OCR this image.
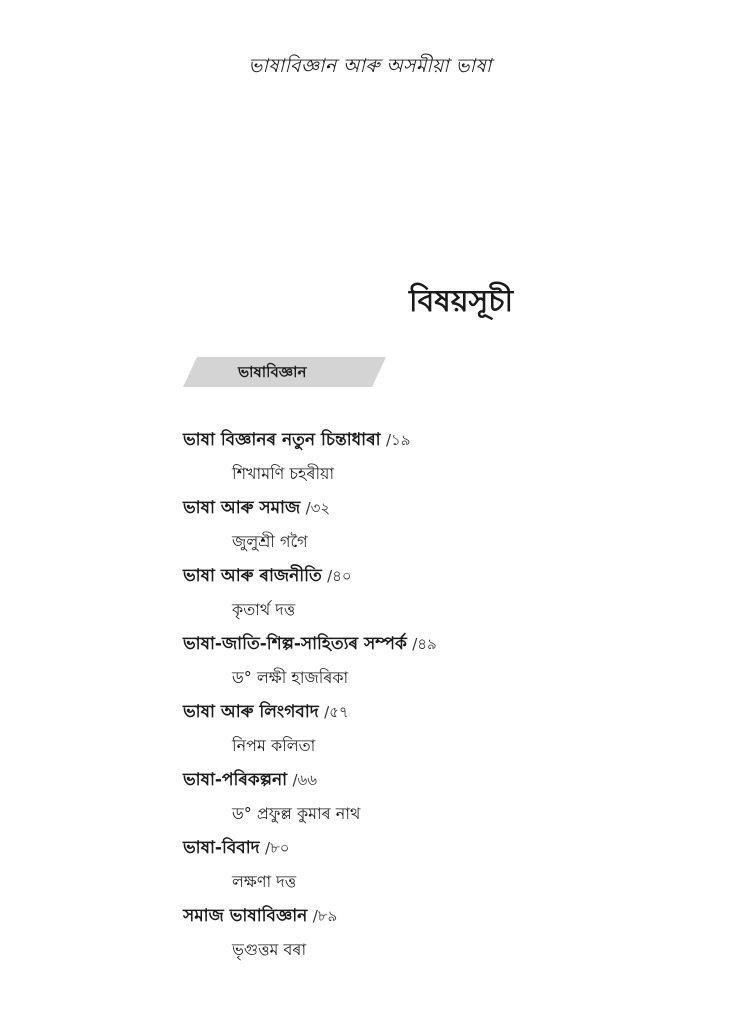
ভাষাবিজ্ঞান আৰু অসমীয়া ভাষা
বিষয়সূচী
ভাষাবিজ্ঞান
ভাষা বিজ্ঞানৰ নতুন চিন্তাধাৰা /১৯
শিখামণি চহৰীয়া
ভাষা আৰু সমাজ /৩২
জুলুশ্ৰী গগৈ
ভাষা আৰু ৰাজনীতি /৪০
কৃতাৰ্থ দত্ত
ভাষা-জাতি-শিল্প-সাহিত্যৰ সম্পৰ্ক /৪৯
ড° লক্ষী হাজৰিকা
ভাষা আৰু লিংগবাদ /৫৭
নিপম কলিতা
ভাষা-পৰিকল্পনা /৬৬
ড° প্ৰফুল্ল কুমাৰ নাথ
ভাষা-বিবাদ /৮০
লক্ষণা দত্ত
সমাজ ভাষাবিজ্ঞান /৮৯
ভৃগুত্তম বৰা
